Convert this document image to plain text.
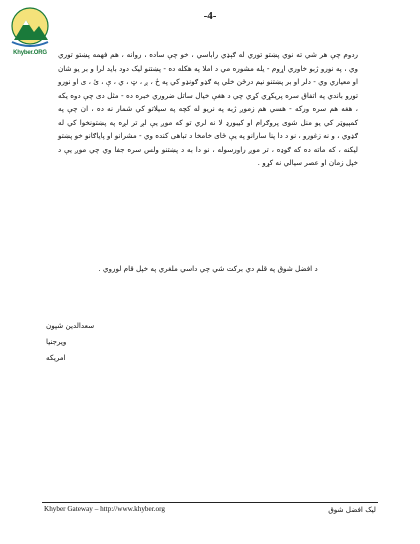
Khyber.ORG
-4-
ردوم چې هر شي ته نوي پښتو توري له ګېډي راباسي ، خو چې ساده ، روانه ، هم فهمه پښتو توري وي ، په نورو ژبو خاوري اړوم - يله مشوره مي د املا په هکله ده - پښتنو ليک دود بايد لرا و بر يو شان او معياري وي - دلر او بر پښتنو نيم درځن خلي په ګډو ګونډو کي په ځ ، ږ ، ټ ، ي ، ې ، ئ ، ی او نورو تورو باندي په اتفاق سره پريکړي کړي چي د هغې خيال ساتل ضروري خبره ده - مثل دی چې دوه يکه ، هغه هم سره ورکه - هسي هم زموږ ژبه په نريو له کچه په سيلاتو کي شمار نه ده ، ان چې په کمپيوټر کي يو منل شوی پروګرام او کيبورډ لا نه لري تو که موږ يې لږ تر لږه په پښتونخوا کي له ګډوي ، و نه زغورو ، نو د دا پنا سارانو په يې ځای خامخا د تباهی کنده وي - مشرانو او پاياګانو خو پښتو ليکنه ، که ماته ده که ګوډه ، تر موږ راورسوله ، نو دا به د پښتنو ولس سره جفا وي چي موږ يې د خپل زمان او عصر سيالي نه کړو .
د افضل شوق په قلم دي برکت شي چي داسي ملغري په خپل قام لوروي .
سعدالدين شپون
ويرجنيا
امريکه
Khyber Gateway – http://www.khyber.org	ليک افضل شوق
